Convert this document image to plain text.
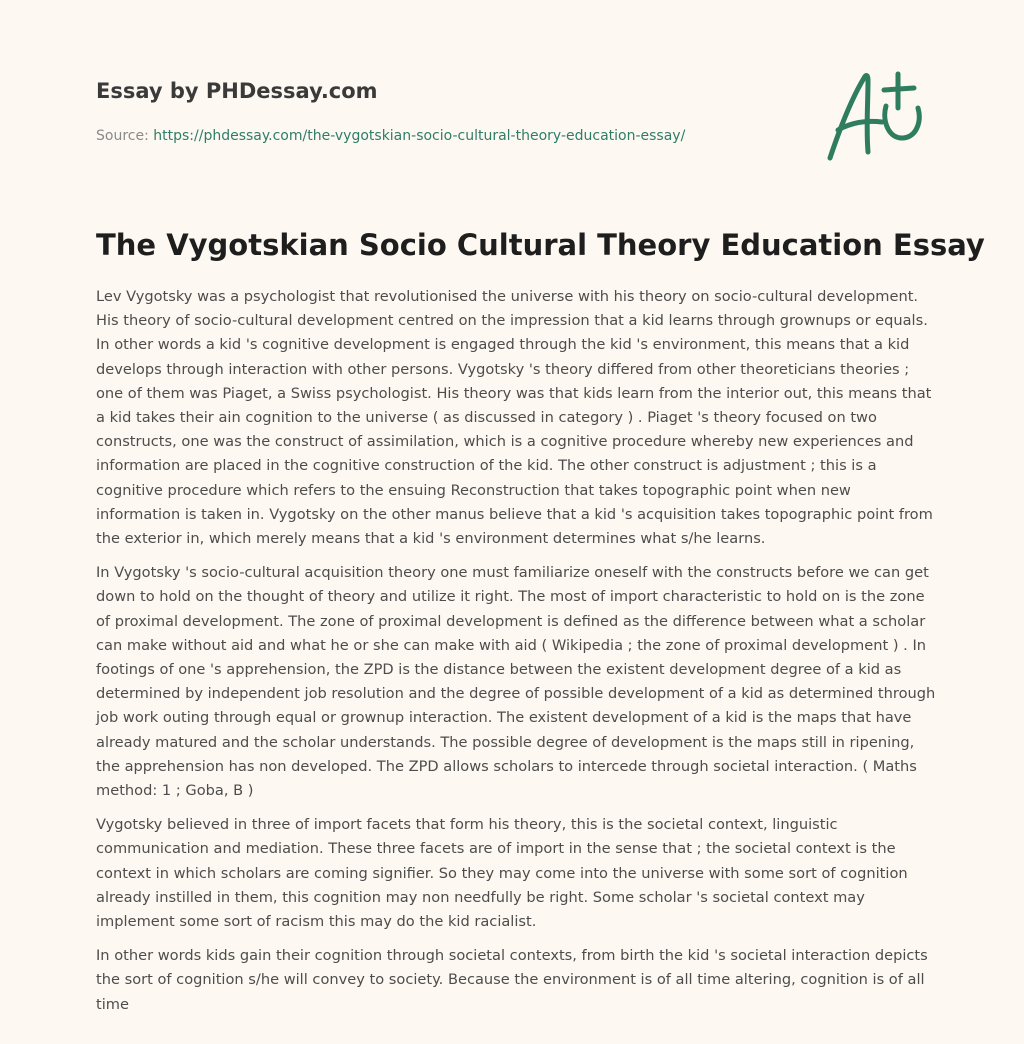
Essay by PHDessay.com
Source: https://phdessay.com/the-vygotskian-socio-cultural-theory-education-essay/
The Vygotskian Socio Cultural Theory Education Essay

Lev Vygotsky was a psychologist that revolutionised the universe with his theory on socio-cultural development. His theory of socio-cultural development centred on the impression that a kid learns through grownups or equals. In other words a kid 's cognitive development is engaged through the kid 's environment, this means that a kid develops through interaction with other persons. Vygotsky 's theory differed from other theoreticians theories ; one of them was Piaget, a Swiss psychologist. His theory was that kids learn from the interior out, this means that a kid takes their ain cognition to the universe ( as discussed in category ) . Piaget 's theory focused on two constructs, one was the construct of assimilation, which is a cognitive procedure whereby new experiences and information are placed in the cognitive construction of the kid. The other construct is adjustment ; this is a cognitive procedure which refers to the ensuing Reconstruction that takes topographic point when new information is taken in. Vygotsky on the other manus believe that a kid 's acquisition takes topographic point from the exterior in, which merely means that a kid 's environment determines what s/he learns.

In Vygotsky 's socio-cultural acquisition theory one must familiarize oneself with the constructs before we can get down to hold on the thought of theory and utilize it right. The most of import characteristic to hold on is the zone of proximal development. The zone of proximal development is defined as the difference between what a scholar can make without aid and what he or she can make with aid ( Wikipedia ; the zone of proximal development ) . In footings of one 's apprehension, the ZPD is the distance between the existent development degree of a kid as determined by independent job resolution and the degree of possible development of a kid as determined through job work outing through equal or grownup interaction. The existent development of a kid is the maps that have already matured and the scholar understands. The possible degree of development is the maps still in ripening, the apprehension has non developed. The ZPD allows scholars to intercede through societal interaction. ( Maths method: 1 ; Goba, B )

Vygotsky believed in three of import facets that form his theory, this is the societal context, linguistic communication and mediation. These three facets are of import in the sense that ; the societal context is the context in which scholars are coming signifier. So they may come into the universe with some sort of cognition already instilled in them, this cognition may non needfully be right. Some scholar 's societal context may implement some sort of racism this may do the kid racialist.

In other words kids gain their cognition through societal contexts, from birth the kid 's societal interaction depicts the sort of cognition s/he will convey to society. Because the environment is of all time altering, cognition is of all time
